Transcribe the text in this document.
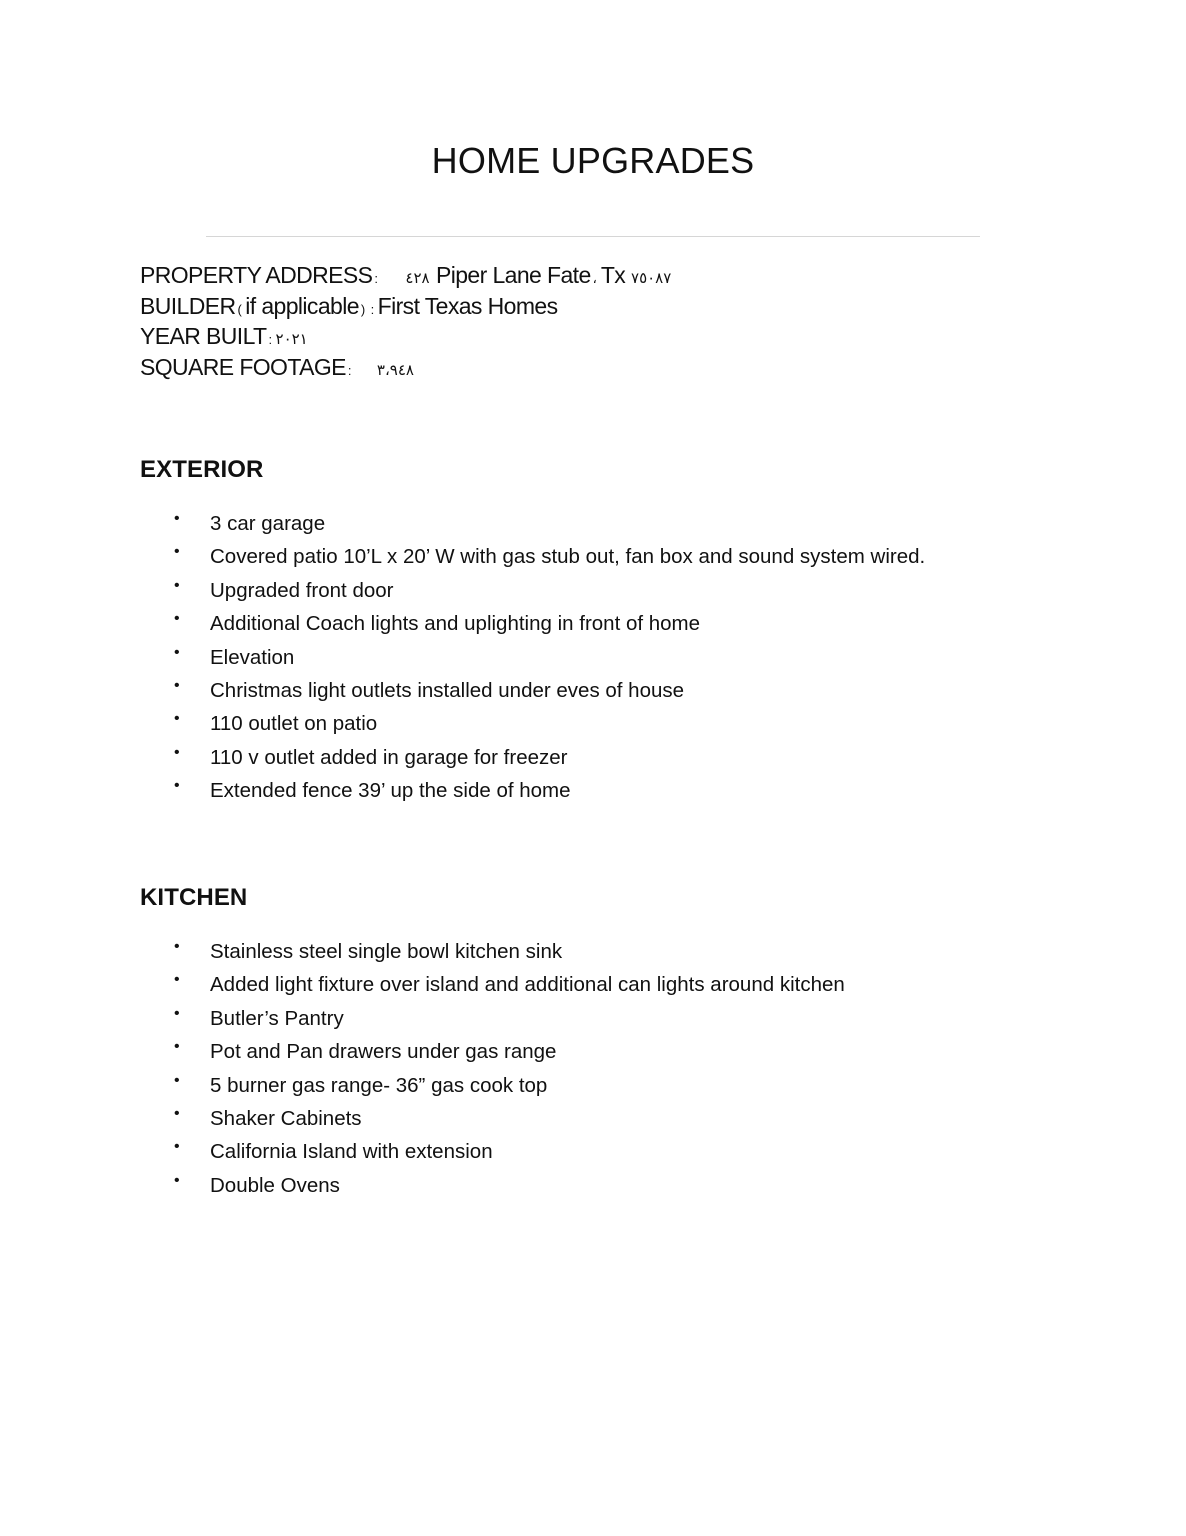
HOME UPGRADES
PROPERTY ADDRESS : ٤٢٨ Piper Lane Fate ، Tx ٧٥٠٨٧
BUILDER ( if applicable ) : First Texas Homes
YEAR BUILT : ٢٠٢١
SQUARE FOOTAGE : ٣،٩٤٨
EXTERIOR
• 3 car garage
• Covered patio 10’L x 20’ W with gas stub out, fan box and sound system wired.
• Upgraded front door
• Additional Coach lights and uplighting in front of home
• Elevation
• Christmas light outlets installed under eves of house
• 110 outlet on patio
• 110 v outlet added in garage for freezer
• Extended fence 39’ up the side of home
KITCHEN
• Stainless steel single bowl kitchen sink
• Added light fixture over island and additional can lights around kitchen
• Butler’s Pantry
• Pot and Pan drawers under gas range
• 5 burner gas range- 36” gas cook top
• Shaker Cabinets
• California Island with extension
• Double Ovens
